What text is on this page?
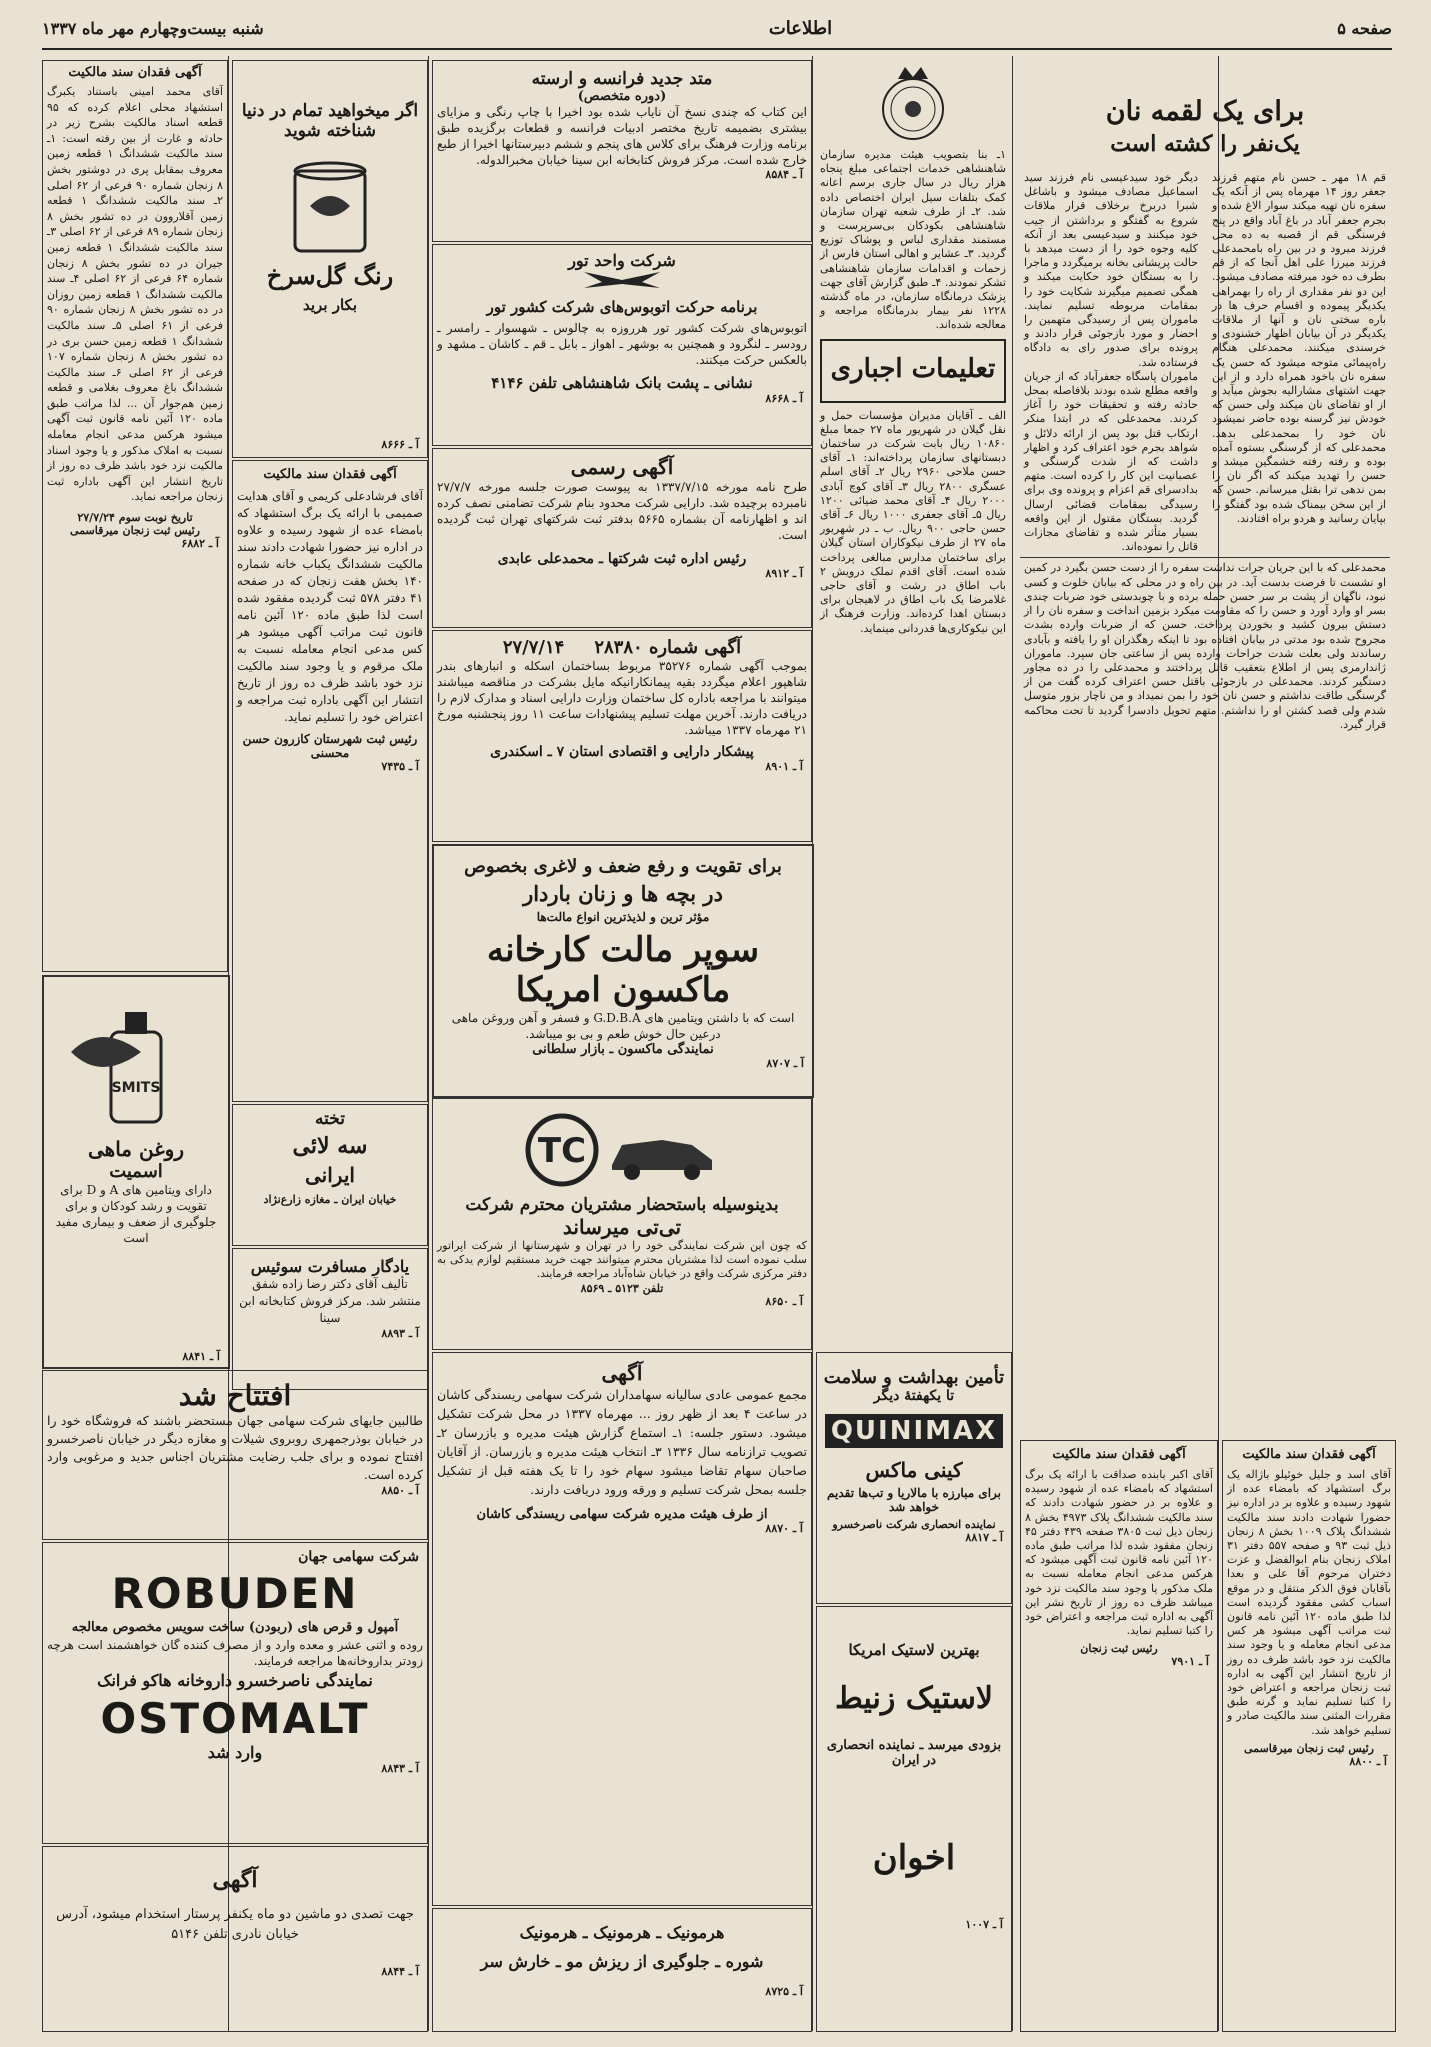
صفحه ۵
اطلاعات
شنبه بیست‌وچهارم مهر ماه ۱۳۳۷
برای یک لقمه نان
یک‌نفر را کشته است

قم ۱۸ مهر ـ حسن نام متهم قرزند جعفر روز ۱۴ مهرماه پس از آنکه یک سفره نان تهیه میکند سوار الاغ شده و بجرم جعفر آباد در باغ آباد واقع در پنج فرسنگی قم از قصبه به ده محل فرزند میرود و در بین راه بامحمدعلی فرزند میرزا علی اهل آنجا که از قم بطرف ده خود میرفته مصادف میشود. این دو نفر مقداری از راه را بهمراهی یکدیگر پیموده و اقسام حرف ها در باره سختی نان و آنها از ملاقات یکدیگر در آن بیابان اظهار خشنودی و خرسندی میکنند. محمدعلی هنگام راه‌پیمائی متوجه میشود که حسن یک سفره نان باخود همراه دارد و از این جهت اشتهای مشارالیه بجوش میآید و از او تقاضای نان میکند ولی حسن که خودش نیز گرسنه بوده حاضر نمیشود نان خود را بمحمدعلی بدهد. محمدعلی که از گرسنگی بستوه آمده بوده و رفته رفته خشمگین میشد و حسن را تهدید میکند که اگر نان را بمن ندهی ترا بقتل میرسانم. حسن که از این سخن بیمناک شده بود گفتگو را بپایان رسانید و هردو براه افتادند.

دیگر خود سیدعیسی نام فرزند سید اسماعیل مصادف میشود و باشاغل شبرا دربرخ برخلاف قرار ملاقات شروع به گفتگو و برداشتن از جیب خود میکنند و سیدعیسی بعد از آنکه کلیه وجوه خود را از دست میدهد با حالت پریشانی بخانه برمیگردد و ماجرا را به بستگان خود حکایت میکند و همگی تصمیم میگیرند شکایت خود را بمقامات مربوطه تسلیم نمایند. ماموران پس از رسیدگی متهمین را احضار و مورد بازجوئی قرار دادند و پرونده برای صدور رای به دادگاه فرستاده شد.

ماموران پاسگاه جعفرآباد که از جریان واقعه مطلع شده بودند بلافاصله بمحل حادثه رفته و تحقیقات خود را آغاز کردند. محمدعلی که در ابتدا منکر ارتکاب قتل بود پس از ارائه دلائل و شواهد بجرم خود اعتراف کرد و اظهار داشت که از شدت گرسنگی و عصبانیت این کار را کرده است. متهم بدادسرای قم اعزام و پرونده وی برای رسیدگی بمقامات قضائی ارسال گردید. بستگان مقتول از این واقعه بسیار متأثر شده و تقاضای مجازات قاتل را نموده‌اند.

محمدعلی که با این جریان جرات نداشت سفره را از دست حسن بگیرد در کمین او نشست تا فرصت بدست آید. در بین راه و در محلی که بیابان خلوت و کسی نبود، ناگهان از پشت بر سر حسن حمله برده و با چوبدستی خود ضربات چندی بسر او وارد آورد و حسن را که مقاومت میکرد بزمین انداخت و سفره نان را از دستش بیرون کشید و بخوردن پرداخت. حسن که از ضربات وارده بشدت مجروح شده بود مدتی در بیابان افتاده بود تا اینکه رهگذران او را یافته و بآبادی رساندند ولی بعلت شدت جراحات وارده پس از ساعتی جان سپرد. ماموران ژاندارمری پس از اطلاع بتعقیب قاتل پرداختند و محمدعلی را در ده مجاور دستگیر کردند. محمدعلی در بازجوئی باقتل حسن اعتراف کرده گفت من از گرسنگی طاقت نداشتم و حسن نان خود را بمن نمیداد و من ناچار بزور متوسل شدم ولی قصد کشتن او را نداشتم. متهم تحویل دادسرا گردید تا تحت محاکمه قرار گیرد.

آگهی فقدان سند مالکیت

آقای اسد و جلیل خوئیلو باژاله یک برگ استشهاد که بامضاء عده از شهود رسیده و علاوه بر در اداره نیز حضورا شهادت دادند سند مالکیت ششدانگ پلاک ۱۰۰۹ بخش ۸ زنجان ذیل ثبت ۹۳ و صفحه ۵۵۷ دفتر ۳۱ املاک زنجان بنام ابوالفضل و عزت دختران مرحوم آقا علی و بعدا بآقایان فوق الذکر منتقل و در موقع اسباب کشی مفقود گردیده است لذا طبق ماده ۱۲۰ آئین نامه قانون ثبت مراتب آگهی میشود هر کس مدعی انجام معامله و یا وجود سند مالکیت نزد خود باشد ظرف ده روز از تاریخ انتشار این آگهی به اداره ثبت زنجان مراجعه و اعتراض خود را کتبا تسلیم نماید و گرنه طبق مقررات المثنی سند مالکیت صادر و تسلیم خواهد شد.

رئیس ثبت زنجان میرقاسمی
آ ـ ۸۸۰۰
آگهی فقدان سند مالکیت

آقای اکبر بابنده صداقت با ارائه یک برگ استشهاد که بامضاء عده از شهود رسیده و علاوه بر در حضور شهادت دادند که سند مالکیت ششدانگ پلاک ۴۹۷۳ بخش ۸ زنجان ذیل ثبت ۳۸۰۵ صفحه ۴۳۹ دفتر ۴۵ زنجان مفقود شده لذا مراتب طبق ماده ۱۲۰ آئین نامه قانون ثبت آگهی میشود که هرکس مدعی انجام معامله نسبت به ملک مذکور یا وجود سند مالکیت نزد خود میباشد ظرف ده روز از تاریخ نشر این آگهی به اداره ثبت مراجعه و اعتراض خود را کتبا تسلیم نماید.

رئیس ثبت زنجان
آ ـ ۷۹۰۱

۱ـ بنا بتصویب هیئت مدیره سازمان شاهنشاهی خدمات اجتماعی مبلغ پنجاه هزار ریال در سال جاری برسم اعانه کمک بتلفات سیل ایران اختصاص داده شد. ۲ـ از طرف شعبه تهران سازمان شاهنشاهی بکودکان بی‌سرپرست و مستمند مقداری لباس و پوشاک توزیع گردید. ۳ـ عشایر و اهالی استان فارس از زحمات و اقدامات سازمان شاهنشاهی تشکر نمودند. ۴ـ طبق گزارش آقای جهت پزشک درمانگاه سازمان، در ماه گذشته ۱۲۲۸ نفر بیمار بدرمانگاه مراجعه و معالجه شده‌اند.

تعلیمات اجباری

الف ـ آقایان مدیران مؤسسات حمل و نقل گیلان در شهریور ماه ۲۷ جمعا مبلغ ۱۰۸۶۰ ریال بابت شرکت در ساختمان دبستانهای سازمان پرداخته‌اند: ۱ـ آقای حسن ملاحی ۲۹۶۰ ریال ۲ـ آقای اسلم عسگری ۲۸۰۰ ریال ۳ـ آقای کوچ آبادی ۲۰۰۰ ریال ۴ـ آقای محمد ضیائی ۱۲۰۰ ریال ۵ـ آقای جعفری ۱۰۰۰ ریال ۶ـ آقای حسن حاجی ۹۰۰ ریال. ب ـ در شهریور ماه ۲۷ از طرف نیکوکاران استان گیلان برای ساختمان مدارس مبالغی پرداخت شده است. آقای اقدم تملک درویش ۲ باب اطاق در رشت و آقای حاجی غلامرضا یک باب اطاق در لاهیجان برای دبستان اهدا کرده‌اند. وزارت فرهنگ از این نیکوکاری‌ها قدردانی مینماید.

تأمین بهداشت و سلامت
تا یکهفتهٔ دیگر
QUINIMAX
کینی ماکس
برای مبارزه با مالاریا و تب‌ها تقدیم خواهد شد
نماینده انحصاری شرکت ناصرخسرو
آ ـ ۸۸۱۷
بهترین لاستیک امریکا
لاستیک زنیط
بزودی میرسد ـ نماینده انحصاری در ایران
اخوان
آ ـ ۱۰۰۷
متد جدید فرانسه و ارسته
(دوره متخصص)

این کتاب که چندی نسخ آن نایاب شده بود اخیرا با چاپ رنگی و مزایای بیشتری بضمیمه تاریخ مختصر ادبیات فرانسه و قطعات برگزیده طبق برنامه وزارت فرهنگ برای کلاس های پنجم و ششم دبیرستانها اخیرا از طبع خارج شده است. مرکز فروش کتابخانه ابن سینا خیابان مخبرالدوله.

آ ـ ۸۵۸۴
شرکت واحد تور
برنامه حرکت اتوبوس‌های شرکت کشور تور

اتوبوس‌های شرکت کشور تور هرروزه به چالوس ـ شهسوار ـ رامسر ـ رودسر ـ لنگرود و همچنین به بوشهر ـ اهواز ـ بابل ـ قم ـ کاشان ـ مشهد و بالعکس حرکت میکنند.

نشانی ـ پشت بانک شاهنشاهی تلفن ۴۱۴۶
آ ـ ۸۶۶۸
آگهی رسمی

طرح نامه مورخه ۱۳۳۷/۷/۱۵ به پیوست صورت جلسه مورخه ۲۷/۷/۷ نامبرده برچیده شد. دارایی شرکت محدود بنام شرکت تضامنی نصف کرده اند و اظهارنامه آن بشماره ۵۶۶۵ بدفتر ثبت شرکتهای تهران ثبت گردیده است.

رئیس اداره ثبت شرکتها ـ محمدعلی عابدی
آ ـ ۸۹۱۲
آگهی شماره ۲۸۳۸۰
۲۷/۷/۱۴

بموجب آگهی شماره ۳۵۲۷۶ مربوط بساختمان اسکله و انبارهای بندر شاهپور اعلام میگردد بقیه پیمانکارانیکه مایل بشرکت در مناقصه میباشند میتوانند با مراجعه باداره کل ساختمان وزارت دارایی اسناد و مدارک لازم را دریافت دارند. آخرین مهلت تسلیم پیشنهادات ساعت ۱۱ روز پنجشنبه مورخ ۲۱ مهرماه ۱۳۳۷ میباشد.

پیشکار دارایی و اقتصادی استان ۷ ـ اسکندری
آ ـ ۸۹۰۱
برای تقویت و رفع ضعف و لاغری بخصوص
در بچه ها و زنان باردار
مؤثر ترین و لذیذترین انواع مالت‌ها
سوپر مالت کارخانه
ماکسون امریکا

است که با داشتن ویتامین های G.D.B.A و فسفر و آهن وروغن ماهی درعین حال خوش طعم و بی بو میباشد.

نمایندگی ماکسون ـ بازار سلطانی
آ ـ ۸۷۰۷
TC
بدینوسیله باستحضار مشتریان محترم شرکت
تی‌تی میرساند

که چون این شرکت نمایندگی خود را در تهران و شهرستانها از شرکت اپراتور سلب نموده است لذا مشتریان محترم میتوانند جهت خرید مستقیم لوازم یدکی به دفتر مرکزی شرکت واقع در خیابان شاه‌آباد مراجعه فرمایند.

تلفن ۵۱۲۳ ـ ۸۵۶۹
آ ـ ۸۶۵۰
آگهی

مجمع عمومی عادی سالیانه سهامداران شرکت سهامی ریسندگی کاشان در ساعت ۴ بعد از ظهر روز ... مهرماه ۱۳۳۷ در محل شرکت تشکیل میشود. دستور جلسه: ۱ـ استماع گزارش هیئت مدیره و بازرسان ۲ـ تصویب ترازنامه سال ۱۳۳۶ ۳ـ انتخاب هیئت مدیره و بازرسان. از آقایان صاحبان سهام تقاضا میشود سهام خود را تا یک هفته قبل از تشکیل جلسه بمحل شرکت تسلیم و ورقه ورود دریافت دارند.

از طرف هیئت مدیره شرکت سهامی ریسندگی کاشان
آ ـ ۸۸۷۰
هرمونیک ـ هرمونیک ـ هرمونیک
شوره ـ جلوگیری از ریزش مو ـ خارش سر
آ ـ ۸۷۲۵
اگر میخواهید تمام در دنیا
شناخته شوید
رنگ گل‌سرخ
بکار برید
آ ـ ۸۶۶۶
آگهی فقدان سند مالکیت

آقای فرشادعلی کریمی و آقای هدایت صمیمی با ارائه یک برگ استشهاد که بامضاء عده از شهود رسیده و علاوه در اداره نیز حضورا شهادت دادند سند مالکیت ششدانگ یکباب خانه شماره ۱۴۰ بخش هفت زنجان که در صفحه ۴۱ دفتر ۵۷۸ ثبت گردیده مفقود شده است لذا طبق ماده ۱۲۰ آئین نامه قانون ثبت مراتب آگهی میشود هر کس مدعی انجام معامله نسبت به ملک مرقوم و یا وجود سند مالکیت نزد خود باشد ظرف ده روز از تاریخ انتشار این آگهی باداره ثبت مراجعه و اعتراض خود را تسلیم نماید.

رئیس ثبت شهرستان کازرون حسن محسنی
آ ـ ۷۴۳۵
تخته
سه لائی
ایرانی
خیابان ایران ـ مغازه زارع‌نژاد
یادگار مسافرت سوئیس

تألیف آقای دکتر رضا زاده شفق منتشر شد. مرکز فروش کتابخانه ابن سینا

آ ـ ۸۸۹۳
آگهی فقدان سند مالکیت

آقای محمد امینی باستناد یکبرگ استشهاد محلی اعلام کرده که ۹۵ قطعه اسناد مالکیت بشرح زیر در حادثه و غارت از بین رفته است: ۱ـ سند مالکیت ششدانگ ۱ قطعه زمین معروف بمقابل پری در دوشتور بخش ۸ زنجان شماره ۹۰ فرعی از ۶۲ اصلی ۲ـ سند مالکیت ششدانگ ۱ قطعه زمین آقلاروون در ده تشور بخش ۸ زنجان شماره ۸۹ فرعی از ۶۲ اصلی ۳ـ سند مالکیت ششدانگ ۱ قطعه زمین جیران در ده تشور بخش ۸ زنجان شماره ۶۴ فرعی از ۶۲ اصلی ۴ـ سند مالکیت ششدانگ ۱ قطعه زمین روزان در ده تشور بخش ۸ زنجان شماره ۹۰ فرعی از ۶۱ اصلی ۵ـ سند مالکیت ششدانگ ۱ قطعه زمین حسن بری در ده تشور بخش ۸ زنجان شماره ۱۰۷ فرعی از ۶۲ اصلی ۶ـ سند مالکیت ششدانگ باغ معروف بغلامی و قطعه زمین هم‌جوار آن ... لذا مراتب طبق ماده ۱۲۰ آئین نامه قانون ثبت آگهی میشود هرکس مدعی انجام معامله نسبت به املاک مذکور و یا وجود اسناد مالکیت نزد خود باشد ظرف ده روز از تاریخ انتشار این آگهی باداره ثبت زنجان مراجعه نماید.

تاریخ نوبت سوم ۲۷/۷/۲۴
رئیس ثبت زنجان میرقاسمی
آ ـ ۶۸۸۲
SMITS
روغن ماهی
اسمیت

دارای ویتامین های A و D برای تقویت و رشد کودکان و برای جلوگیری از ضعف و بیماری مفید است

آ ـ ۸۸۴۱
افتتاح شد

طالبین جایهای شرکت سهامی جهان مستحضر باشند که فروشگاه خود را در خیابان بوذرجمهری روبروی شیلات و مغازه دیگر در خیابان ناصرخسرو افتتاح نموده و برای جلب رضایت مشتریان اجناس جدید و مرغوبی وارد کرده است.

آ ـ ۸۸۵۰
شرکت سهامی جهان
ROBUDEN
آمپول و قرص های (ربودن) ساخت سویس مخصوص معالجه

روده و اثنی عشر و معده وارد و از مصرف کننده گان خواهشمند است هرچه زودتر بداروخانه‌ها مراجعه فرمایند.

نمایندگی ناصرخسرو داروخانه هاکو فرانک
OSTOMALT
وارد شد
آ ـ ۸۸۴۳
آگهی

جهت تصدی دو ماشین دو ماه یکنفر پرستار استخدام میشود، آدرس خیابان نادری تلفن ۵۱۴۶

آ ـ ۸۸۴۴
